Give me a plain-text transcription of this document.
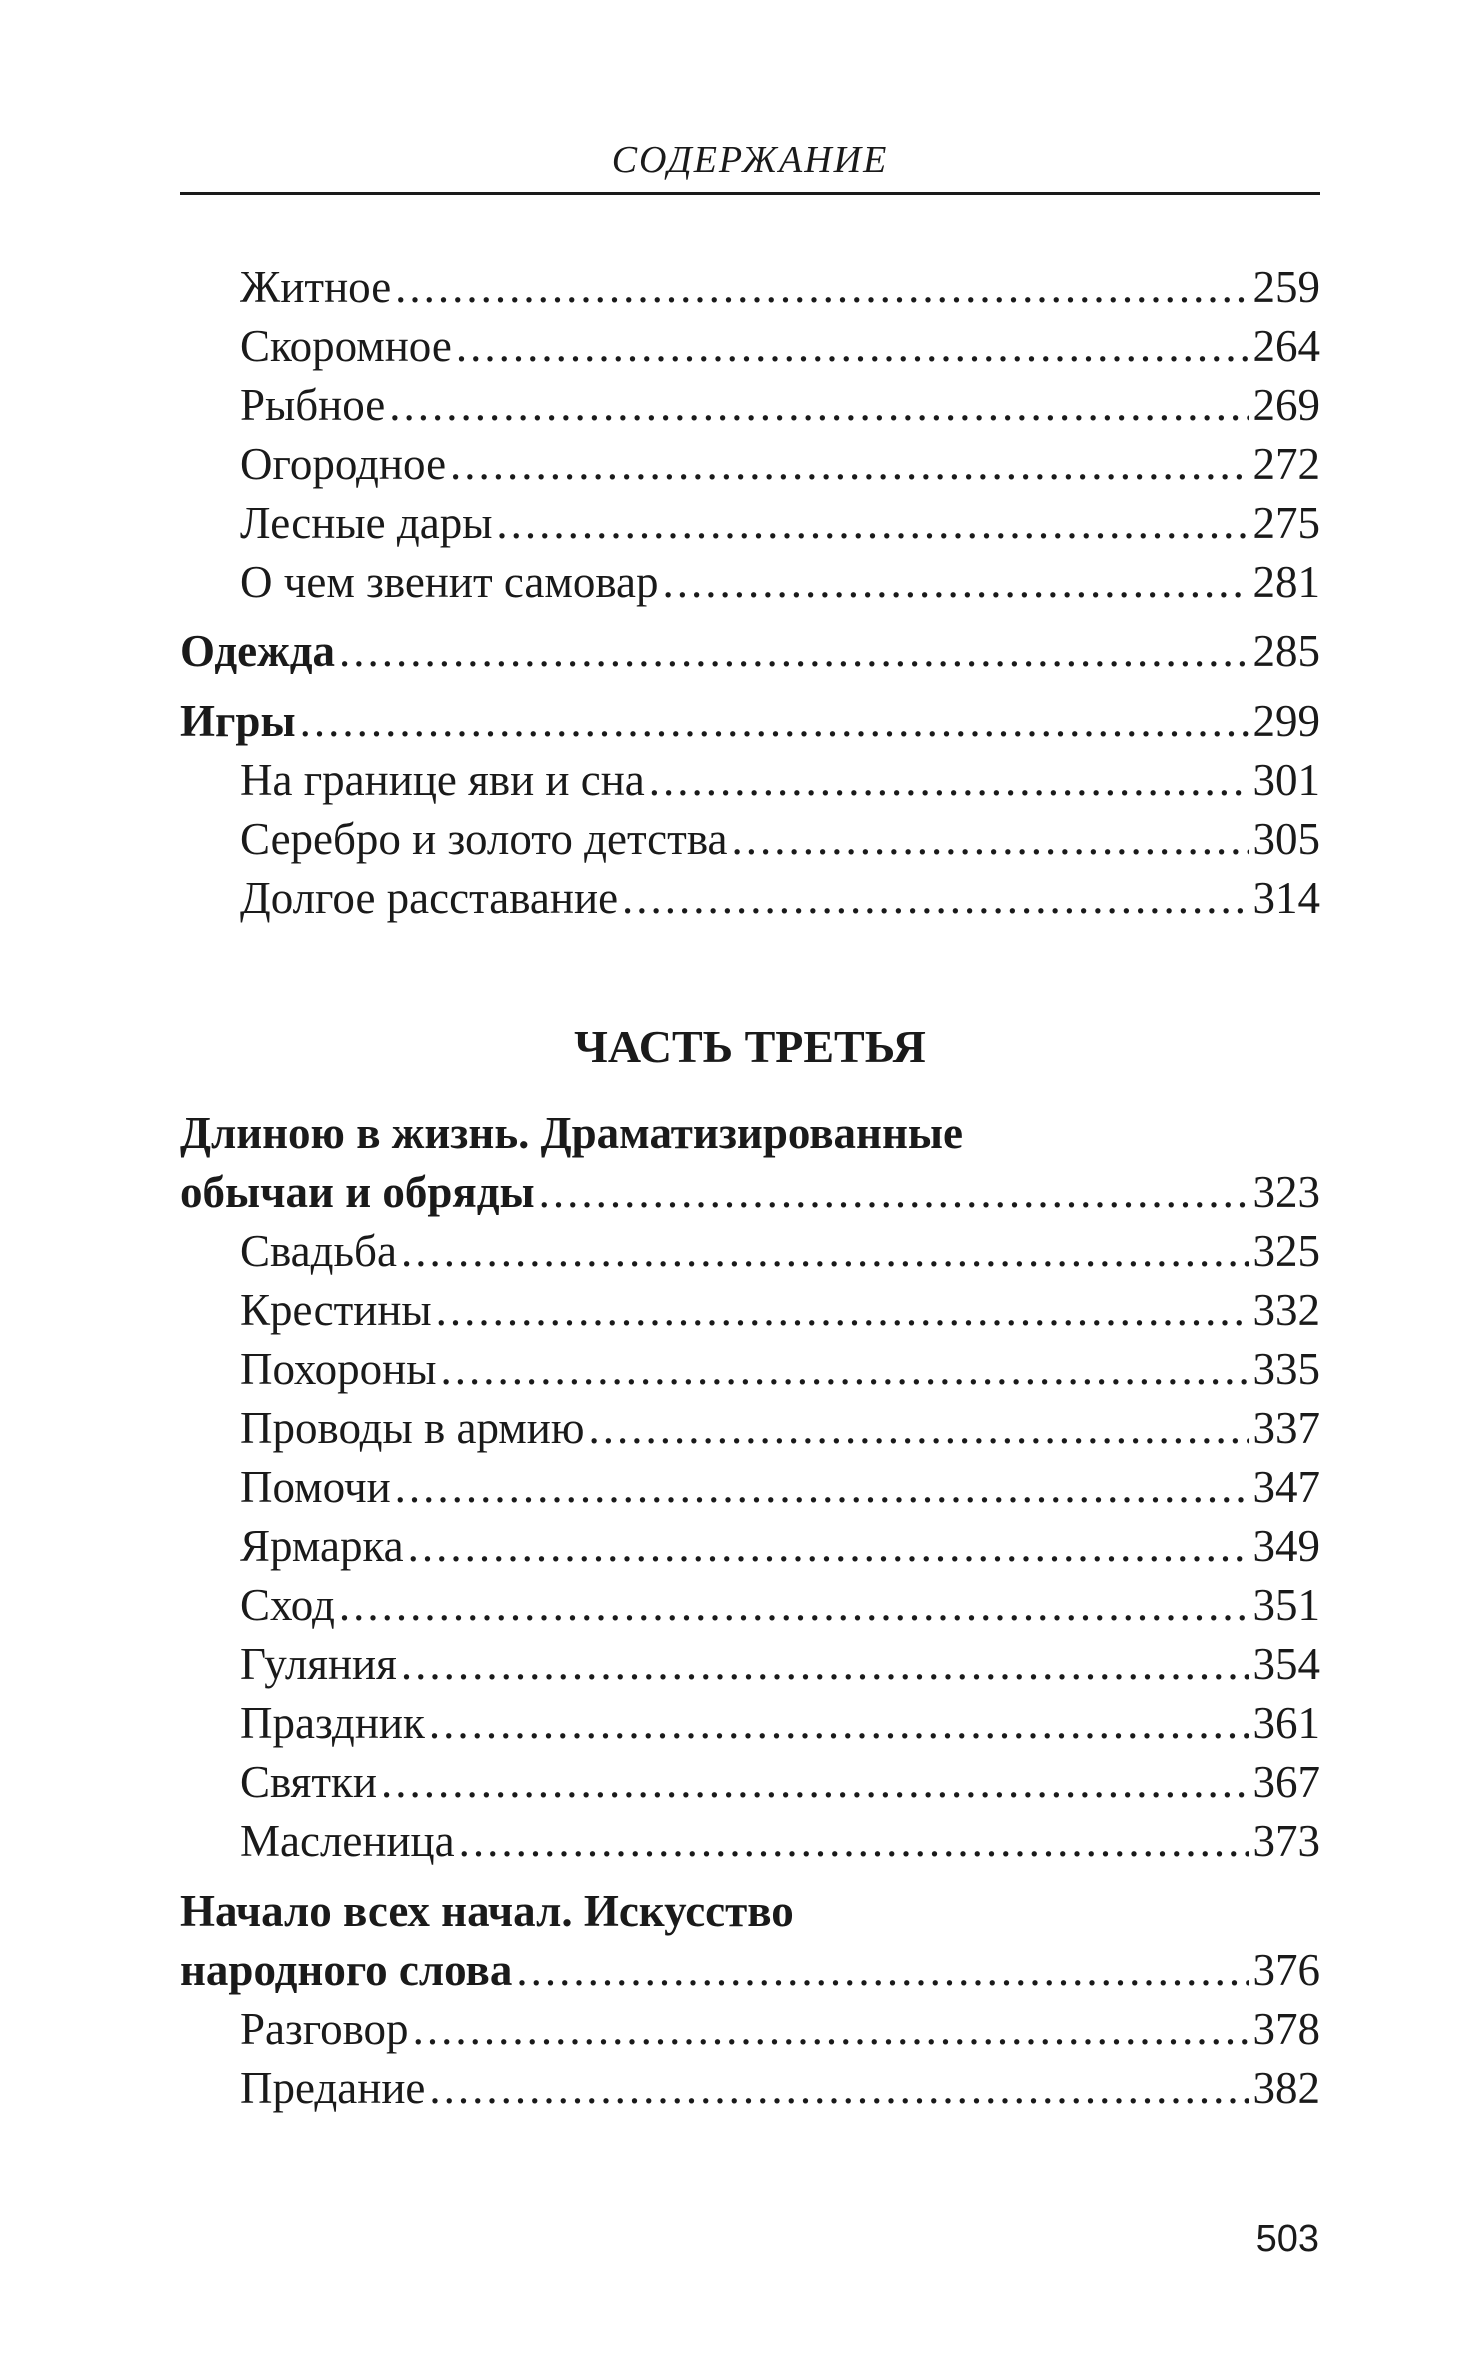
СОДЕРЖАНИЕ
Житное .....	259
Скоромное .....	264
Рыбное .....	269
Огородное .....	272
Лесные дары .....	275
О чем звенит самовар .....	281
Одежда .....	285
Игры .....	299
На границе яви и сна .....	301
Серебро и золото детства .....	305
Долгое расставание .....	314
ЧАСТЬ ТРЕТЬЯ
Длиною в жизнь. Драматизированные
обычаи и обряды .....	323
Свадьба .....	325
Крестины .....	332
Похороны .....	335
Проводы в армию .....	337
Помочи .....	347
Ярмарка .....	349
Сход .....	351
Гуляния .....	354
Праздник .....	361
Святки .....	367
Масленица .....	373
Начало всех начал. Искусство
народного слова .....	376
Разговор .....	378
Предание .....	382
503
